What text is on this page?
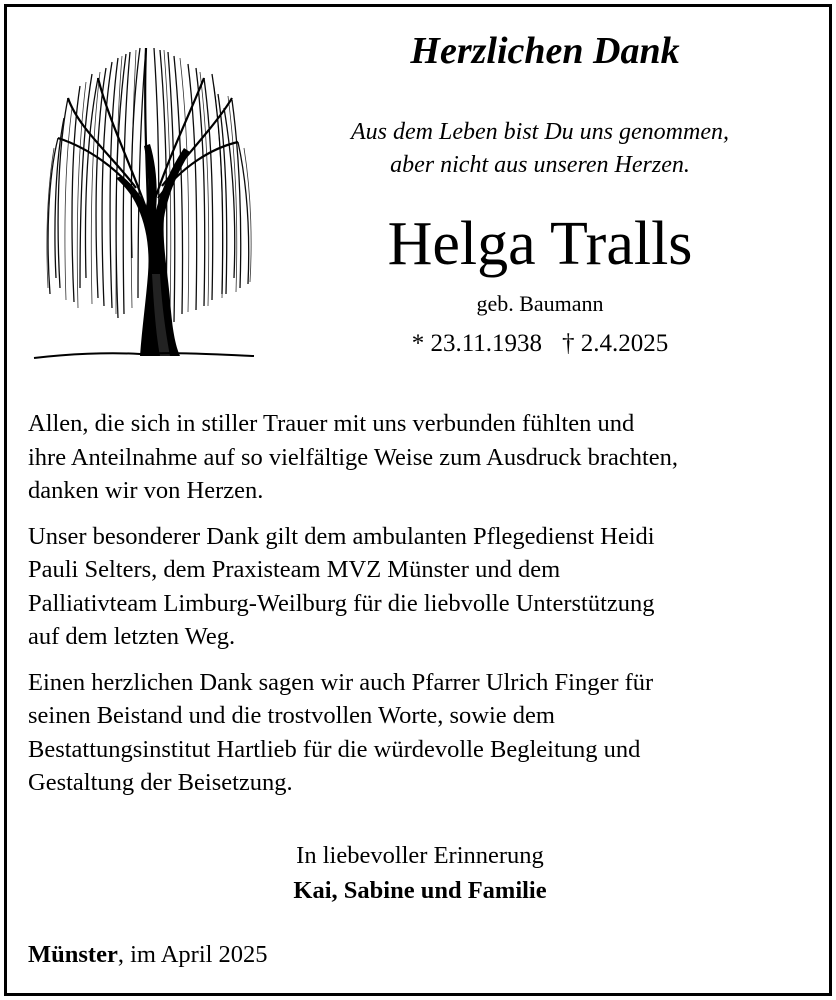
Herzlichen Dank
Aus dem Leben bist Du uns genommen,
aber nicht aus unseren Herzen.
Helga Tralls
geb. Baumann
* 23.11.1938 † 2.4.2025
Allen, die sich in stiller Trauer mit uns verbunden fühlten und
ihre Anteilnahme auf so vielfältige Weise zum Ausdruck brachten,
danken wir von Herzen.
Unser besonderer Dank gilt dem ambulanten Pflegedienst Heidi
Pauli Selters, dem Praxisteam MVZ Münster und dem
Palliativteam Limburg-Weilburg für die liebvolle Unterstützung
auf dem letzten Weg.
Einen herzlichen Dank sagen wir auch Pfarrer Ulrich Finger für
seinen Beistand und die trostvollen Worte, sowie dem
Bestattungsinstitut Hartlieb für die würdevolle Begleitung und
Gestaltung der Beisetzung.
In liebevoller Erinnerung
Kai, Sabine und Familie
Münster, im April 2025
